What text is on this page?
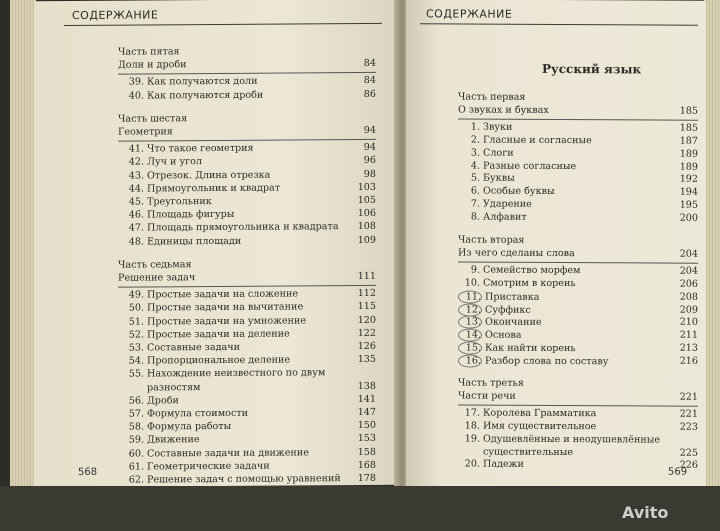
СОДЕРЖАНИЕ
568
Часть пятая
Доли и дроби	84
39. Как получаются доли	84
40. Как получаются дроби	86
Часть шестая
Геометрия	94
41. Что такое геометрия	94
42. Луч и угол	96
43. Отрезок. Длина отрезка	98
44. Прямоугольник и квадрат	103
45. Треугольник	105
46. Площадь фигуры	106
47. Площадь прямоугольника и квадрата 108
48. Единицы площади	109
Часть седьмая
Решение задач	111
49. Простые задачи на сложение	112
50. Простые задачи на вычитание	115
51. Простые задачи на умножение	120
52. Простые задачи на деление	122
53. Составные задачи	126
54. Пропорциональное деление	135
55. Нахождение неизвестного по двум
разностям	138
56. Дроби	141
57. Формула стоимости	147
58. Формула работы	150
59. Движение	153
60. Составные задачи на движение	158
61. Геометрические задачи	168
62. Решение задач с помощью уравнений 178
СОДЕРЖАНИЕ
Русский язык
569
Часть первая
О звуках и буквах	185
1. Звуки	185
2. Гласные и согласные	187
3. Слоги	189
4. Разные согласные	189
5. Буквы	192
6. Особые буквы	194
7. Ударение	195
8. Алфавит	200
Часть вторая
Из чего сделаны слова	204
9. Семейство морфем	204
10. Смотрим в корень	206
11. Приставка	208
12. Суффикс	209
13. Окончание	210
14. Основа	211
15. Как найти корень	213
16. Разбор слова по составу	216
Часть третья
Части речи	221
17. Королева Грамматика	221
18. Имя существительное	223
19. Одушевлённые и неодушевлённые
существительные	225
20. Падежи	226
Avito
